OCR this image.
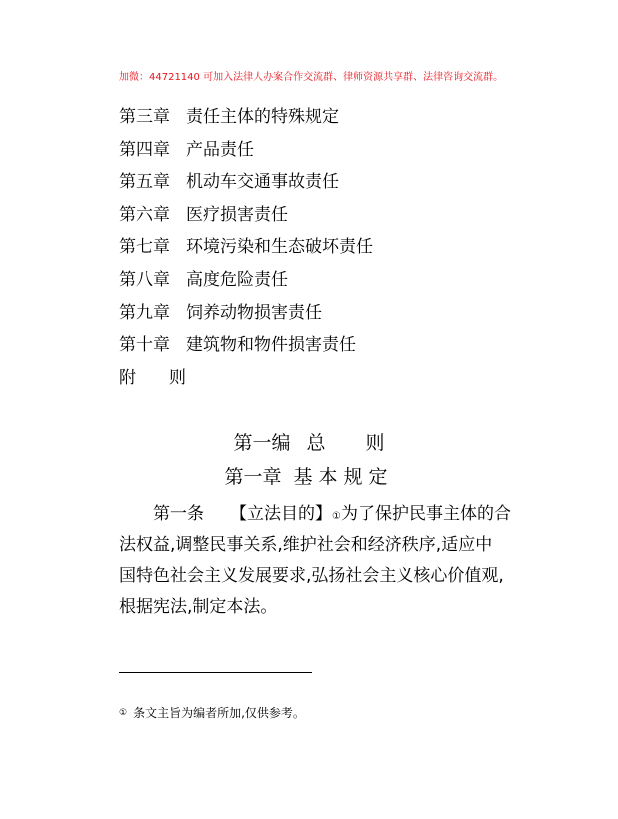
加微：44721140 可加入法律人办案合作交流群、律师资源共享群、法律咨询交流群。
第三章 责任主体的特殊规定
第四章 产品责任
第五章 机动车交通事故责任
第六章 医疗损害责任
第七章 环境污染和生态破坏责任
第八章 高度危险责任
第九章 饲养动物损害责任
第十章 建筑物和物件损害责任
附 则
第一编 总 则
第一章 基本规定

第一条 【立法目的】①为了保护民事主体的合
法权益,调整民事关系,维护社会和经济秩序,适应中
国特色社会主义发展要求,弘扬社会主义核心价值观,
根据宪法,制定本法。

① 条文主旨为编者所加,仅供参考。
